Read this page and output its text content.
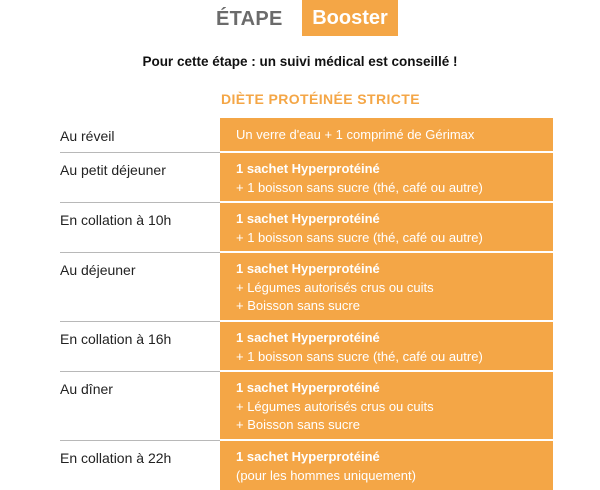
ÉTAPE	Booster
Pour cette étape : un suivi médical est conseillé !
DIÈTE PROTÉINÉE STRICTE
Au réveil	Un verre d'eau + 1 comprimé de Gérimax
Au petit déjeuner	1 sachet Hyperprotéiné
+ 1 boisson sans sucre (thé, café ou autre)
En collation à 10h	1 sachet Hyperprotéiné
+ 1 boisson sans sucre (thé, café ou autre)
Au déjeuner	1 sachet Hyperprotéiné
+ Légumes autorisés crus ou cuits
+ Boisson sans sucre
En collation à 16h	1 sachet Hyperprotéiné
+ 1 boisson sans sucre (thé, café ou autre)
Au dîner	1 sachet Hyperprotéiné
+ Légumes autorisés crus ou cuits
+ Boisson sans sucre
En collation à 22h	1 sachet Hyperprotéiné
(pour les hommes uniquement)
